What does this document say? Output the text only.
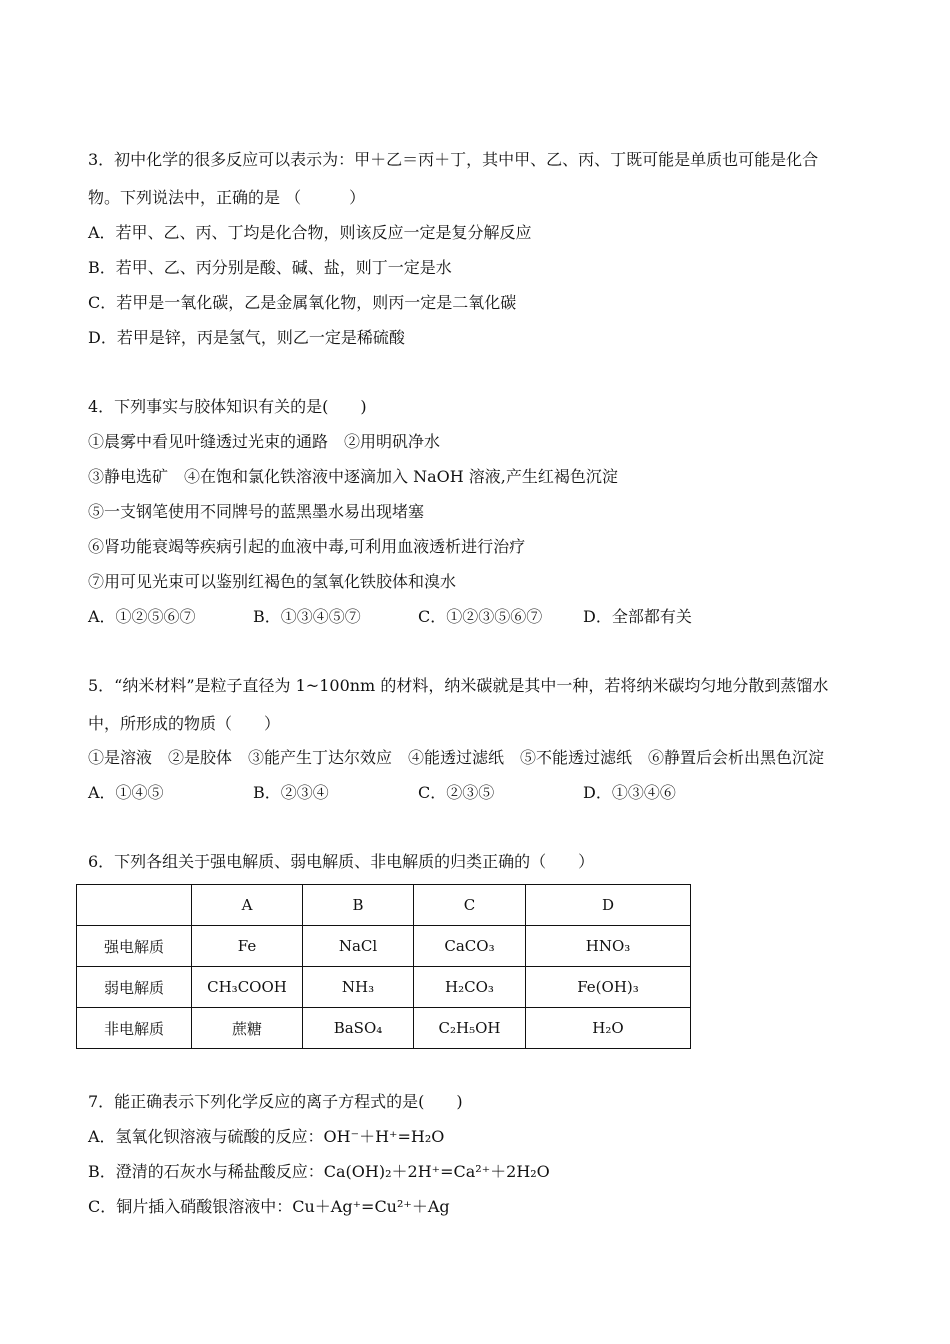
3．初中化学的很多反应可以表示为：甲＋乙＝丙＋丁，其中甲、乙、丙、丁既可能是单质也可能是化合
物。下列说法中，正确的是 （　　　）
A．若甲、乙、丙、丁均是化合物，则该反应一定是复分解反应
B．若甲、乙、丙分别是酸、碱、盐，则丁一定是水
C．若甲是一氧化碳，乙是金属氧化物，则丙一定是二氧化碳
D．若甲是锌，丙是氢气，则乙一定是稀硫酸
4．下列事实与胶体知识有关的是(　　)
①晨雾中看见叶缝透过光束的通路　②用明矾净水
③静电选矿　④在饱和氯化铁溶液中逐滴加入 NaOH 溶液,产生红褐色沉淀
⑤一支钢笔使用不同牌号的蓝黑墨水易出现堵塞
⑥肾功能衰竭等疾病引起的血液中毒,可利用血液透析进行治疗
⑦用可见光束可以鉴别红褐色的氢氧化铁胶体和溴水
A．①②⑤⑥⑦	B．①③④⑤⑦	C．①②③⑤⑥⑦	D．全部都有关
5．“纳米材料”是粒子直径为 1~100nm 的材料，纳米碳就是其中一种，若将纳米碳均匀地分散到蒸馏水
中，所形成的物质（　　）
①是溶液　②是胶体　③能产生丁达尔效应　④能透过滤纸　⑤不能透过滤纸　⑥静置后会析出黑色沉淀
A．①④⑤	B．②③④	C．②③⑤	D．①③④⑥
6．下列各组关于强电解质、弱电解质、非电解质的归类正确的（　　）
	A	B	C	D
强电解质	Fe	NaCl	CaCO₃	HNO₃
弱电解质	CH₃COOH	NH₃	H₂CO₃	Fe(OH)₃
非电解质	蔗糖	BaSO₄	C₂H₅OH	H₂O
7．能正确表示下列化学反应的离子方程式的是(　　)
A．氢氧化钡溶液与硫酸的反应：OH⁻＋H⁺=H₂O
B．澄清的石灰水与稀盐酸反应：Ca(OH)₂＋2H⁺=Ca²⁺＋2H₂O
C．铜片插入硝酸银溶液中：Cu＋Ag⁺=Cu²⁺＋Ag
